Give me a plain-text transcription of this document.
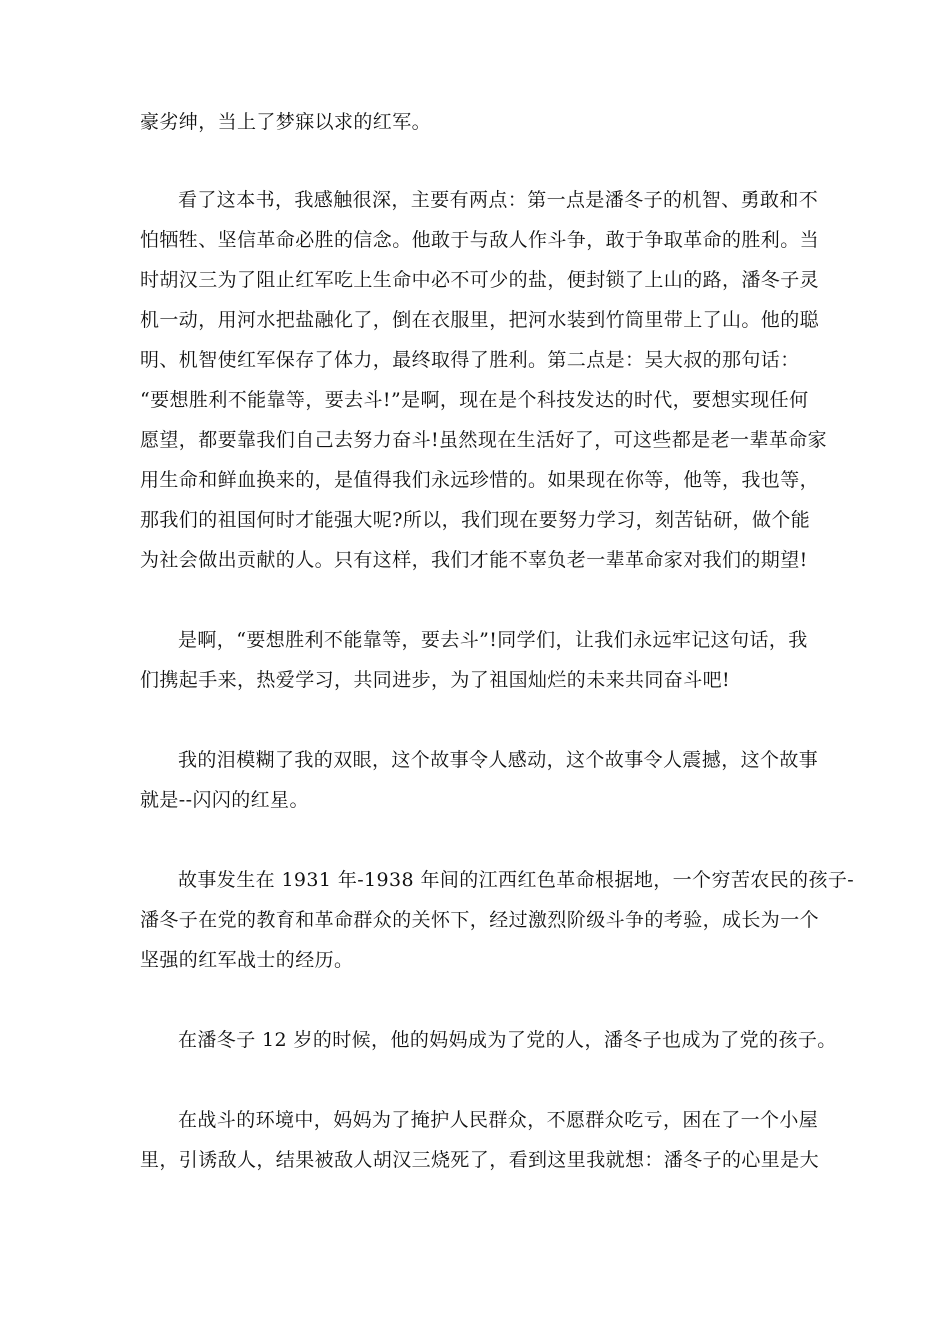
豪劣绅，当上了梦寐以求的红军。
看了这本书，我感触很深，主要有两点：第一点是潘冬子的机智、勇敢和不
怕牺牲、坚信革命必胜的信念。他敢于与敌人作斗争，敢于争取革命的胜利。当
时胡汉三为了阻止红军吃上生命中必不可少的盐，便封锁了上山的路，潘冬子灵
机一动，用河水把盐融化了，倒在衣服里，把河水装到竹筒里带上了山。他的聪
明、机智使红军保存了体力，最终取得了胜利。第二点是：吴大叔的那句话：
“要想胜利不能靠等，要去斗!”是啊，现在是个科技发达的时代，要想实现任何
愿望，都要靠我们自己去努力奋斗!虽然现在生活好了，可这些都是老一辈革命家
用生命和鲜血换来的，是值得我们永远珍惜的。如果现在你等，他等，我也等，
那我们的祖国何时才能强大呢?所以，我们现在要努力学习，刻苦钻研，做个能
为社会做出贡献的人。只有这样，我们才能不辜负老一辈革命家对我们的期望!
是啊，“要想胜利不能靠等，要去斗”!同学们，让我们永远牢记这句话，我
们携起手来，热爱学习，共同进步，为了祖国灿烂的未来共同奋斗吧!
我的泪模糊了我的双眼，这个故事令人感动，这个故事令人震撼，这个故事
就是--闪闪的红星。
故事发生在 1931 年-1938 年间的江西红色革命根据地，一个穷苦农民的孩子-
潘冬子在党的教育和革命群众的关怀下，经过激烈阶级斗争的考验，成长为一个
坚强的红军战士的经历。
在潘冬子 12 岁的时候，他的妈妈成为了党的人，潘冬子也成为了党的孩子。
在战斗的环境中，妈妈为了掩护人民群众，不愿群众吃亏，困在了一个小屋
里，引诱敌人，结果被敌人胡汉三烧死了，看到这里我就想：潘冬子的心里是大
